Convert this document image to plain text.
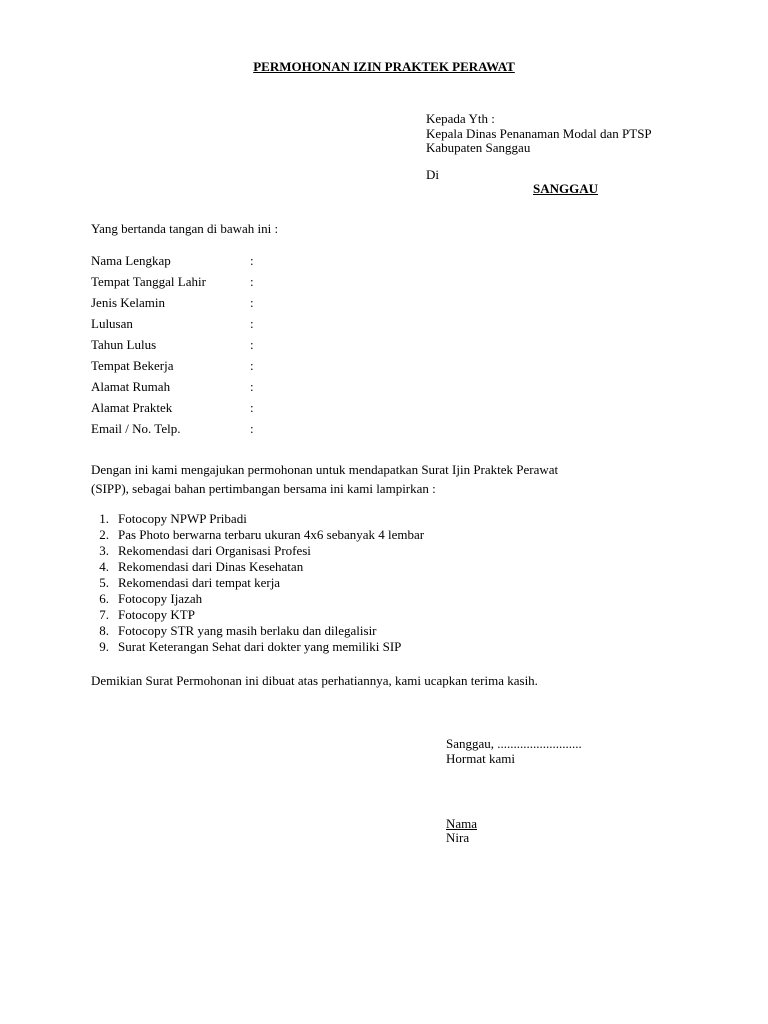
PERMOHONAN IZIN PRAKTEK PERAWAT
Kepada Yth :
Kepala Dinas Penanaman Modal dan PTSP
Kabupaten Sanggau
Di
SANGGAU
Yang bertanda tangan di bawah ini :
Nama Lengkap	:
Tempat Tanggal Lahir	:
Jenis Kelamin	:
Lulusan	:
Tahun Lulus	:
Tempat Bekerja	:
Alamat Rumah	:
Alamat Praktek	:
Email / No. Telp.	:
Dengan ini kami mengajukan permohonan untuk mendapatkan Surat Ijin Praktek Perawat
(SIPP), sebagai bahan pertimbangan bersama ini kami lampirkan :
1. Fotocopy NPWP Pribadi
2. Pas Photo berwarna terbaru ukuran 4x6 sebanyak 4 lembar
3. Rekomendasi dari Organisasi Profesi
4. Rekomendasi dari Dinas Kesehatan
5. Rekomendasi dari tempat kerja
6. Fotocopy Ijazah
7. Fotocopy KTP
8. Fotocopy STR yang masih berlaku dan dilegalisir
9. Surat Keterangan Sehat dari dokter yang memiliki SIP
Demikian Surat Permohonan ini dibuat atas perhatiannya, kami ucapkan terima kasih.
Sanggau, ..........................
Hormat kami
Nama
Nira
